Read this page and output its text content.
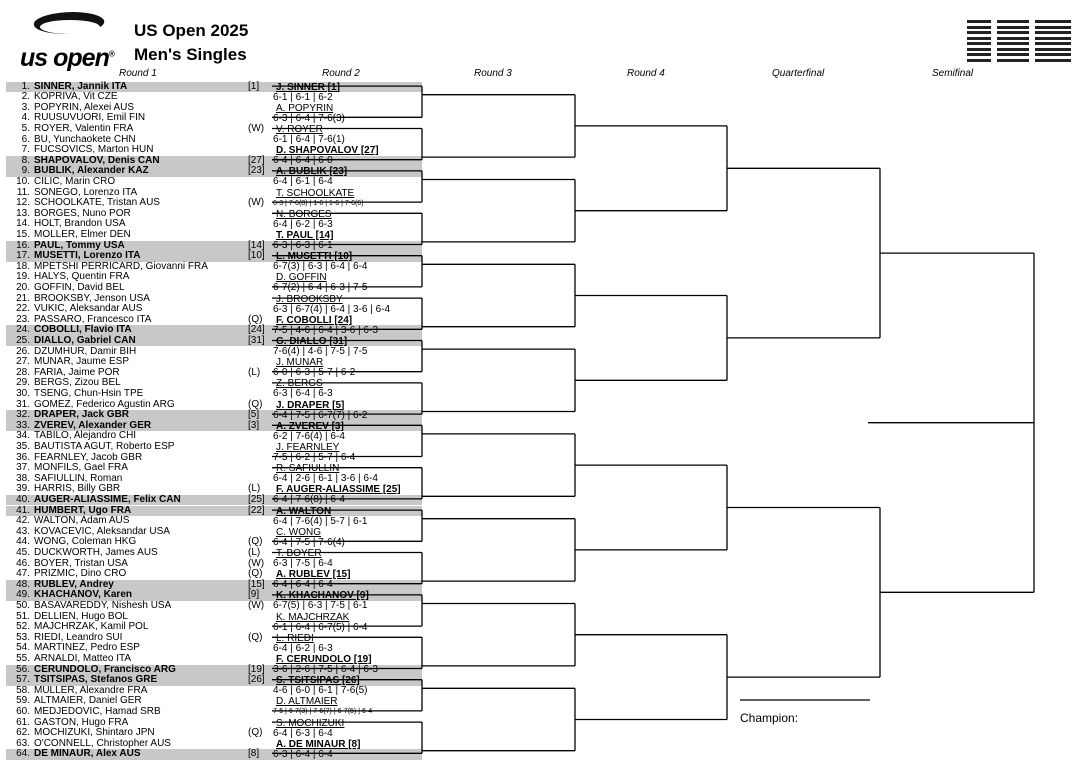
us open®
US Open 2025
Men's Singles
Round 1	Round 2	Round 3	Round 4	Quarterfinal	Semifinal
1. SINNER, Jannik ITA	[1]
2. KOPRIVA, Vit CZE
3. POPYRIN, Alexei AUS
4. RUUSUVUORI, Emil FIN
5. ROYER, Valentin FRA	(W)
6. BU, Yunchaokete CHN
7. FUCSOVICS, Marton HUN
8. SHAPOVALOV, Denis CAN	[27]
9. BUBLIK, Alexander KAZ	[23]
10. CILIC, Marin CRO
11. SONEGO, Lorenzo ITA
12. SCHOOLKATE, Tristan AUS	(W)
13. BORGES, Nuno POR
14. HOLT, Brandon USA
15. MOLLER, Elmer DEN
16. PAUL, Tommy USA	[14]
17. MUSETTI, Lorenzo ITA	[10]
18. MPETSHI PERRICARD, Giovanni FRA
19. HALYS, Quentin FRA
20. GOFFIN, David BEL
21. BROOKSBY, Jenson USA
22. VUKIC, Aleksandar AUS
23. PASSARO, Francesco ITA	(Q)
24. COBOLLI, Flavio ITA	[24]
25. DIALLO, Gabriel CAN	[31]
26. DZUMHUR, Damir BIH
27. MUNAR, Jaume ESP
28. FARIA, Jaime POR	(L)
29. BERGS, Zizou BEL
30. TSENG, Chun-Hsin TPE
31. GOMEZ, Federico Agustin ARG	(Q)
32. DRAPER, Jack GBR	[5]
33. ZVEREV, Alexander GER	[3]
34. TABILO, Alejandro CHI
35. BAUTISTA AGUT, Roberto ESP
36. FEARNLEY, Jacob GBR
37. MONFILS, Gael FRA
38. SAFIULLIN, Roman
39. HARRIS, Billy GBR	(L)
40. AUGER-ALIASSIME, Felix CAN	[25]
41. HUMBERT, Ugo FRA	[22]
42. WALTON, Adam AUS
43. KOVACEVIC, Aleksandar USA
44. WONG, Coleman HKG	(Q)
45. DUCKWORTH, James AUS	(L)
46. BOYER, Tristan USA	(W)
47. PRIZMIC, Dino CRO	(Q)
48. RUBLEV, Andrey	[15]
49. KHACHANOV, Karen	[9]
50. BASAVAREDDY, Nishesh USA	(W)
51. DELLIEN, Hugo BOL
52. MAJCHRZAK, Kamil POL
53. RIEDI, Leandro SUI	(Q)
54. MARTINEZ, Pedro ESP
55. ARNALDI, Matteo ITA
56. CERUNDOLO, Francisco ARG	[19]
57. TSITSIPAS, Stefanos GRE	[26]
58. MULLER, Alexandre FRA
59. ALTMAIER, Daniel GER
60. MEDJEDOVIC, Hamad SRB
61. GASTON, Hugo FRA
62. MOCHIZUKI, Shintaro JPN	(Q)
63. O'CONNELL, Christopher AUS
64. DE MINAUR, Alex AUS	[8]
J. SINNER [1]
6-1 | 6-1 | 6-2
A. POPYRIN
6-3 | 6-4 | 7-6(3)
V. ROYER
6-1 | 6-4 | 7-6(1)
D. SHAPOVALOV [27]
6-4 | 6-4 | 6-0
A. BUBLIK [23]
6-4 | 6-1 | 6-4
T. SCHOOLKATE
6-3 | 7-6(8) | 1-6 | 1-6 | 7-6(6)
N. BORGES
6-4 | 6-2 | 6-3
T. PAUL [14]
6-3 | 6-3 | 6-1
L. MUSETTI [10]
6-7(3) | 6-3 | 6-4 | 6-4
D. GOFFIN
6-7(2) | 6-4 | 6-3 | 7-5
J. BROOKSBY
6-3 | 6-7(4) | 6-4 | 3-6 | 6-4
F. COBOLLI [24]
7-5 | 4-6 | 6-4 | 3-6 | 6-3
G. DIALLO [31]
7-6(4) | 4-6 | 7-5 | 7-5
J. MUNAR
6-0 | 6-3 | 5-7 | 6-2
Z. BERGS
6-3 | 6-4 | 6-3
J. DRAPER [5]
6-4 | 7-5 | 6-7(7) | 6-2
A. ZVEREV [3]
6-2 | 7-6(4) | 6-4
J. FEARNLEY
7-5 | 6-2 | 5-7 | 6-4
R. SAFIULLIN
6-4 | 2-6 | 6-1 | 3-6 | 6-4
F. AUGER-ALIASSIME [25]
6-4 | 7-6(8) | 6-4
A. WALTON
6-4 | 7-6(4) | 5-7 | 6-1
C. WONG
6-4 | 7-5 | 7-6(4)
T. BOYER
6-3 | 7-5 | 6-4
A. RUBLEV [15]
6-4 | 6-4 | 6-4
K. KHACHANOV [9]
6-7(5) | 6-3 | 7-5 | 6-1
K. MAJCHRZAK
6-1 | 6-4 | 6-7(5) | 6-4
L. RIEDI
6-4 | 6-2 | 6-3
F. CERUNDOLO [19]
3-6 | 2-6 | 7-5 | 6-4 | 6-3
S. TSITSIPAS [26]
4-6 | 6-0 | 6-1 | 7-6(5)
D. ALTMAIER
7-5 | 6-7(3) | 7-6(7) | 6-7(5) | 6-4
S. MOCHIZUKI
6-4 | 6-3 | 6-4
A. DE MINAUR [8]
6-3 | 6-4 | 6-4
Champion:
